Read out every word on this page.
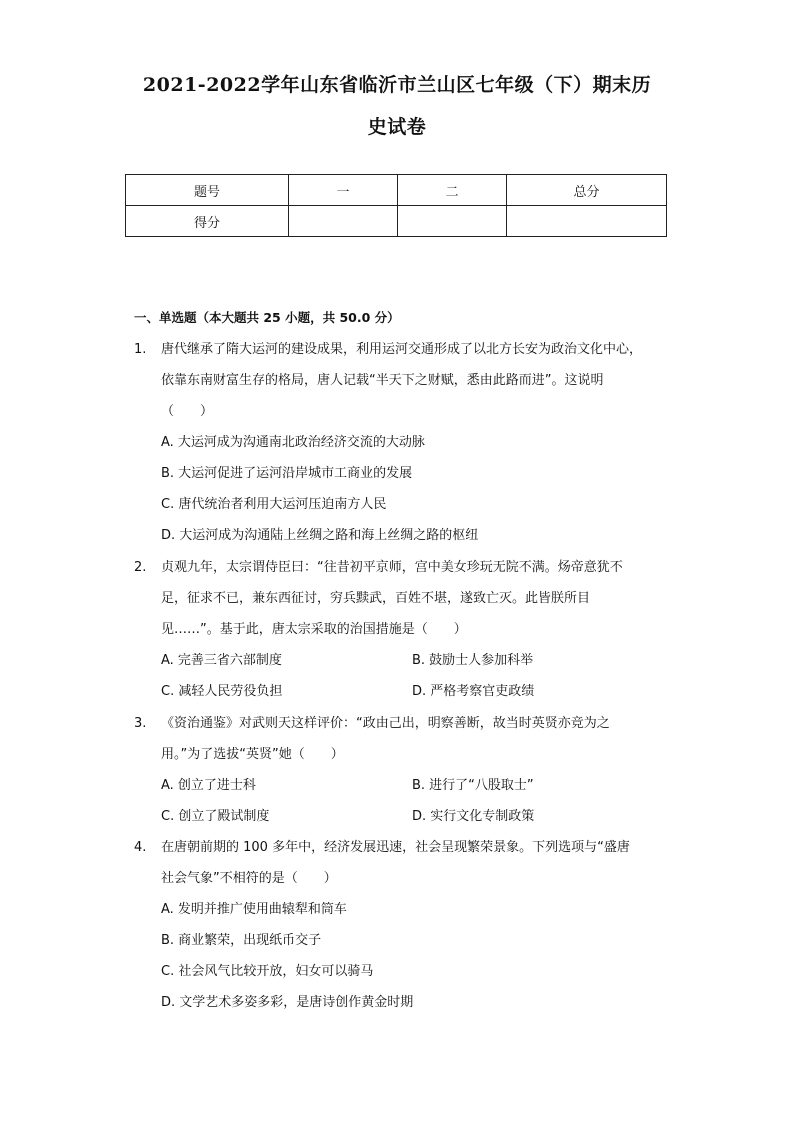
2021-2022学年山东省临沂市兰山区七年级（下）期末历
史试卷
题号	一	二	总分
得分			
一、单选题（本大题共 25 小题，共 50.0 分）
1.	唐代继承了隋大运河的建设成果，利用运河交通形成了以北方长安为政治文化中心，
依靠东南财富生存的格局，唐人记载“半天下之财赋，悉由此路而进”。这说明
（　　）
A. 大运河成为沟通南北政治经济交流的大动脉
B. 大运河促进了运河沿岸城市工商业的发展
C. 唐代统治者利用大运河压迫南方人民
D. 大运河成为沟通陆上丝绸之路和海上丝绸之路的枢纽
2.	贞观九年，太宗谓侍臣曰：“往昔初平京师，宫中美女珍玩无院不满。炀帝意犹不
足，征求不已，兼东西征讨，穷兵黩武，百姓不堪，遂致亡灭。此皆朕所目
见……”。基于此，唐太宗采取的治国措施是（　　）
A. 完善三省六部制度	B. 鼓励士人参加科举
C. 减轻人民劳役负担	D. 严格考察官吏政绩
3.	《资治通鉴》对武则天这样评价：“政由己出，明察善断，故当时英贤亦竞为之
用。”为了选拔“英贤”她（　　）
A. 创立了进士科	B. 进行了“八股取士”
C. 创立了殿试制度	D. 实行文化专制政策
4.	在唐朝前期的 100 多年中，经济发展迅速，社会呈现繁荣景象。下列选项与“盛唐
社会气象”不相符的是（　　）
A. 发明并推广使用曲辕犁和筒车
B. 商业繁荣，出现纸币交子
C. 社会风气比较开放，妇女可以骑马
D. 文学艺术多姿多彩，是唐诗创作黄金时期
